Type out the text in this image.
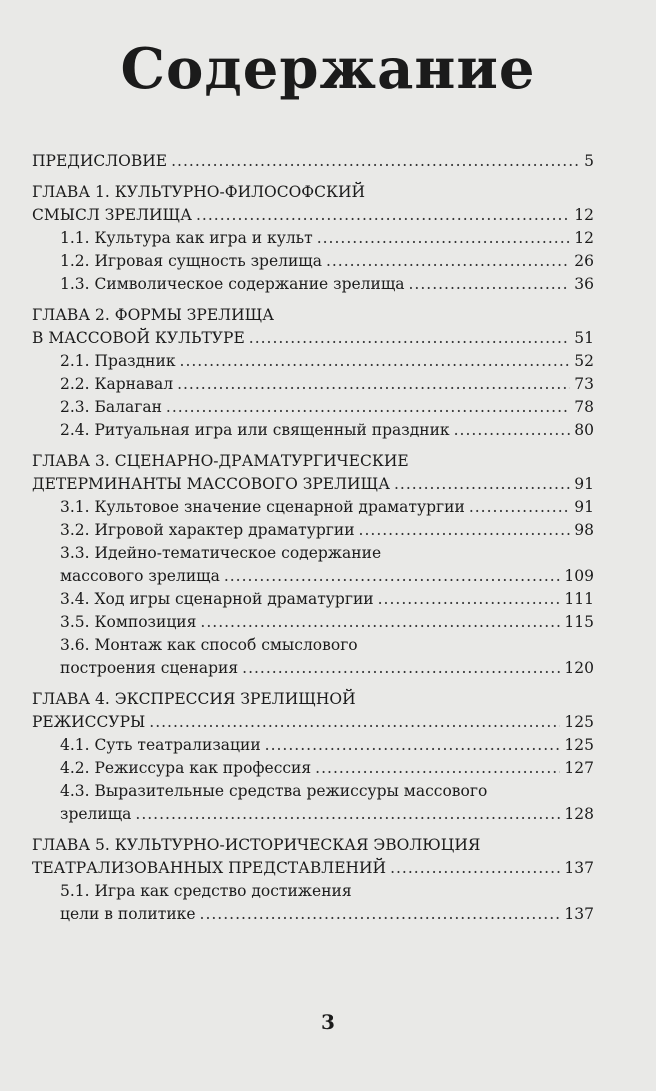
Содержание
ПРЕДИСЛОВИЕ .....	5
ГЛАВА 1. КУЛЬТУРНО-ФИЛОСОФСКИЙ
СМЫСЛ ЗРЕЛИЩА .....	12
1.1. Культура как игра и культ .....	12
1.2. Игровая сущность зрелища .....	26
1.3. Символическое содержание зрелища .....	36
ГЛАВА 2. ФОРМЫ ЗРЕЛИЩА
В МАССОВОЙ КУЛЬТУРЕ .....	51
2.1. Праздник .....	52
2.2. Карнавал .....	73
2.3. Балаган .....	78
2.4. Ритуальная игра или священный праздник .....	80
ГЛАВА 3. СЦЕНАРНО-ДРАМАТУРГИЧЕСКИЕ
ДЕТЕРМИНАНТЫ МАССОВОГО ЗРЕЛИЩА .....	91
3.1. Культовое значение сценарной драматургии .....	91
3.2. Игровой характер драматургии .....	98
3.3. Идейно-тематическое содержание
массового зрелища .....	109
3.4. Ход игры сценарной драматургии .....	111
3.5. Композиция .....	115
3.6. Монтаж как способ смыслового
построения сценария .....	120
ГЛАВА 4. ЭКСПРЕССИЯ ЗРЕЛИЩНОЙ
РЕЖИССУРЫ .....	125
4.1. Суть театрализации .....	125
4.2. Режиссура как профессия .....	127
4.3. Выразительные средства режиссуры массового
зрелища .....	128
ГЛАВА 5. КУЛЬТУРНО-ИСТОРИЧЕСКАЯ ЭВОЛЮЦИЯ
ТЕАТРАЛИЗОВАННЫХ ПРЕДСТАВЛЕНИЙ .....	137
5.1. Игра как средство достижения
цели в политике .....	137
3
